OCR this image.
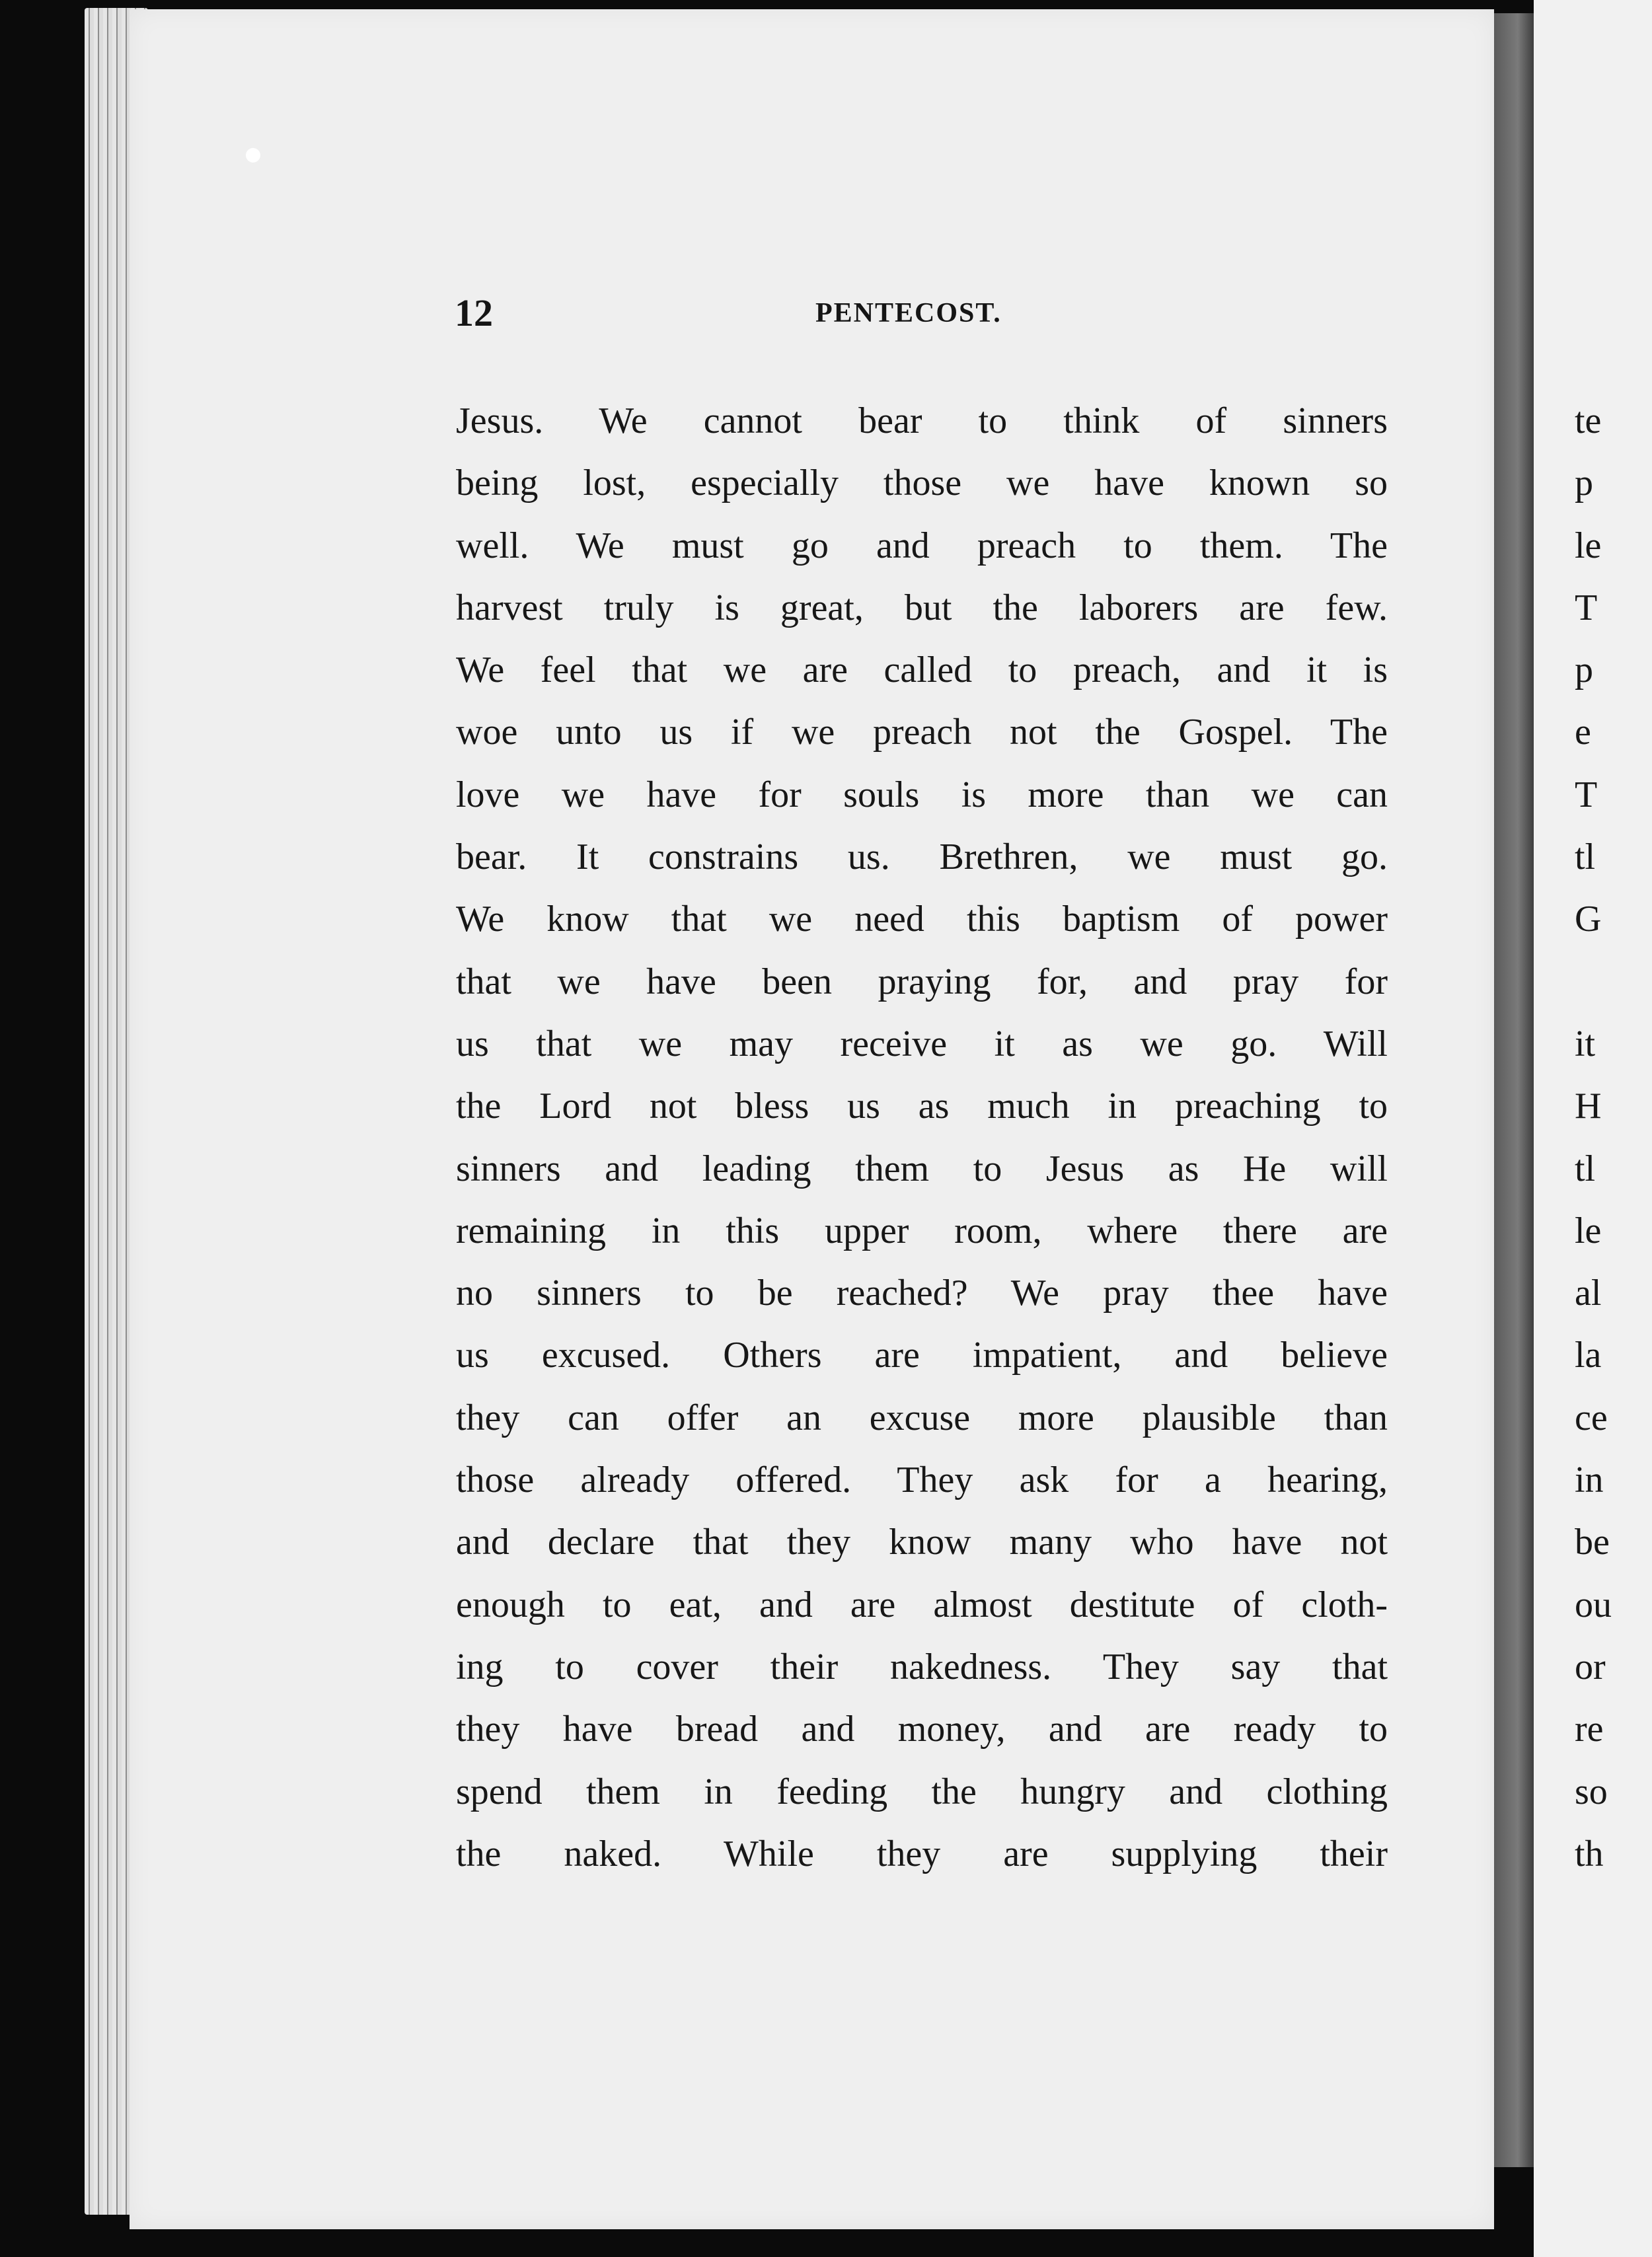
te
p
le
T
p
e
T
tl
G
it
H
tl
le
al
la
ce
in
be
ou
or
re
so
th
12	PENTECOST.
Jesus. We cannot bear to think of sinners
being lost, especially those we have known so
well. We must go and preach to them. The
harvest truly is great, but the laborers are few.
We feel that we are called to preach, and it is
woe unto us if we preach not the Gospel. The
love we have for souls is more than we can
bear. It constrains us. Brethren, we must go.
We know that we need this baptism of power
that we have been praying for, and pray for
us that we may receive it as we go. Will
the Lord not bless us as much in preaching to
sinners and leading them to Jesus as He will
remaining in this upper room, where there are
no sinners to be reached? We pray thee have
us excused. Others are impatient, and believe
they can offer an excuse more plausible than
those already offered. They ask for a hearing,
and declare that they know many who have not
enough to eat, and are almost destitute of cloth-
ing to cover their nakedness. They say that
they have bread and money, and are ready to
spend them in feeding the hungry and clothing
the naked. While they are supplying their
